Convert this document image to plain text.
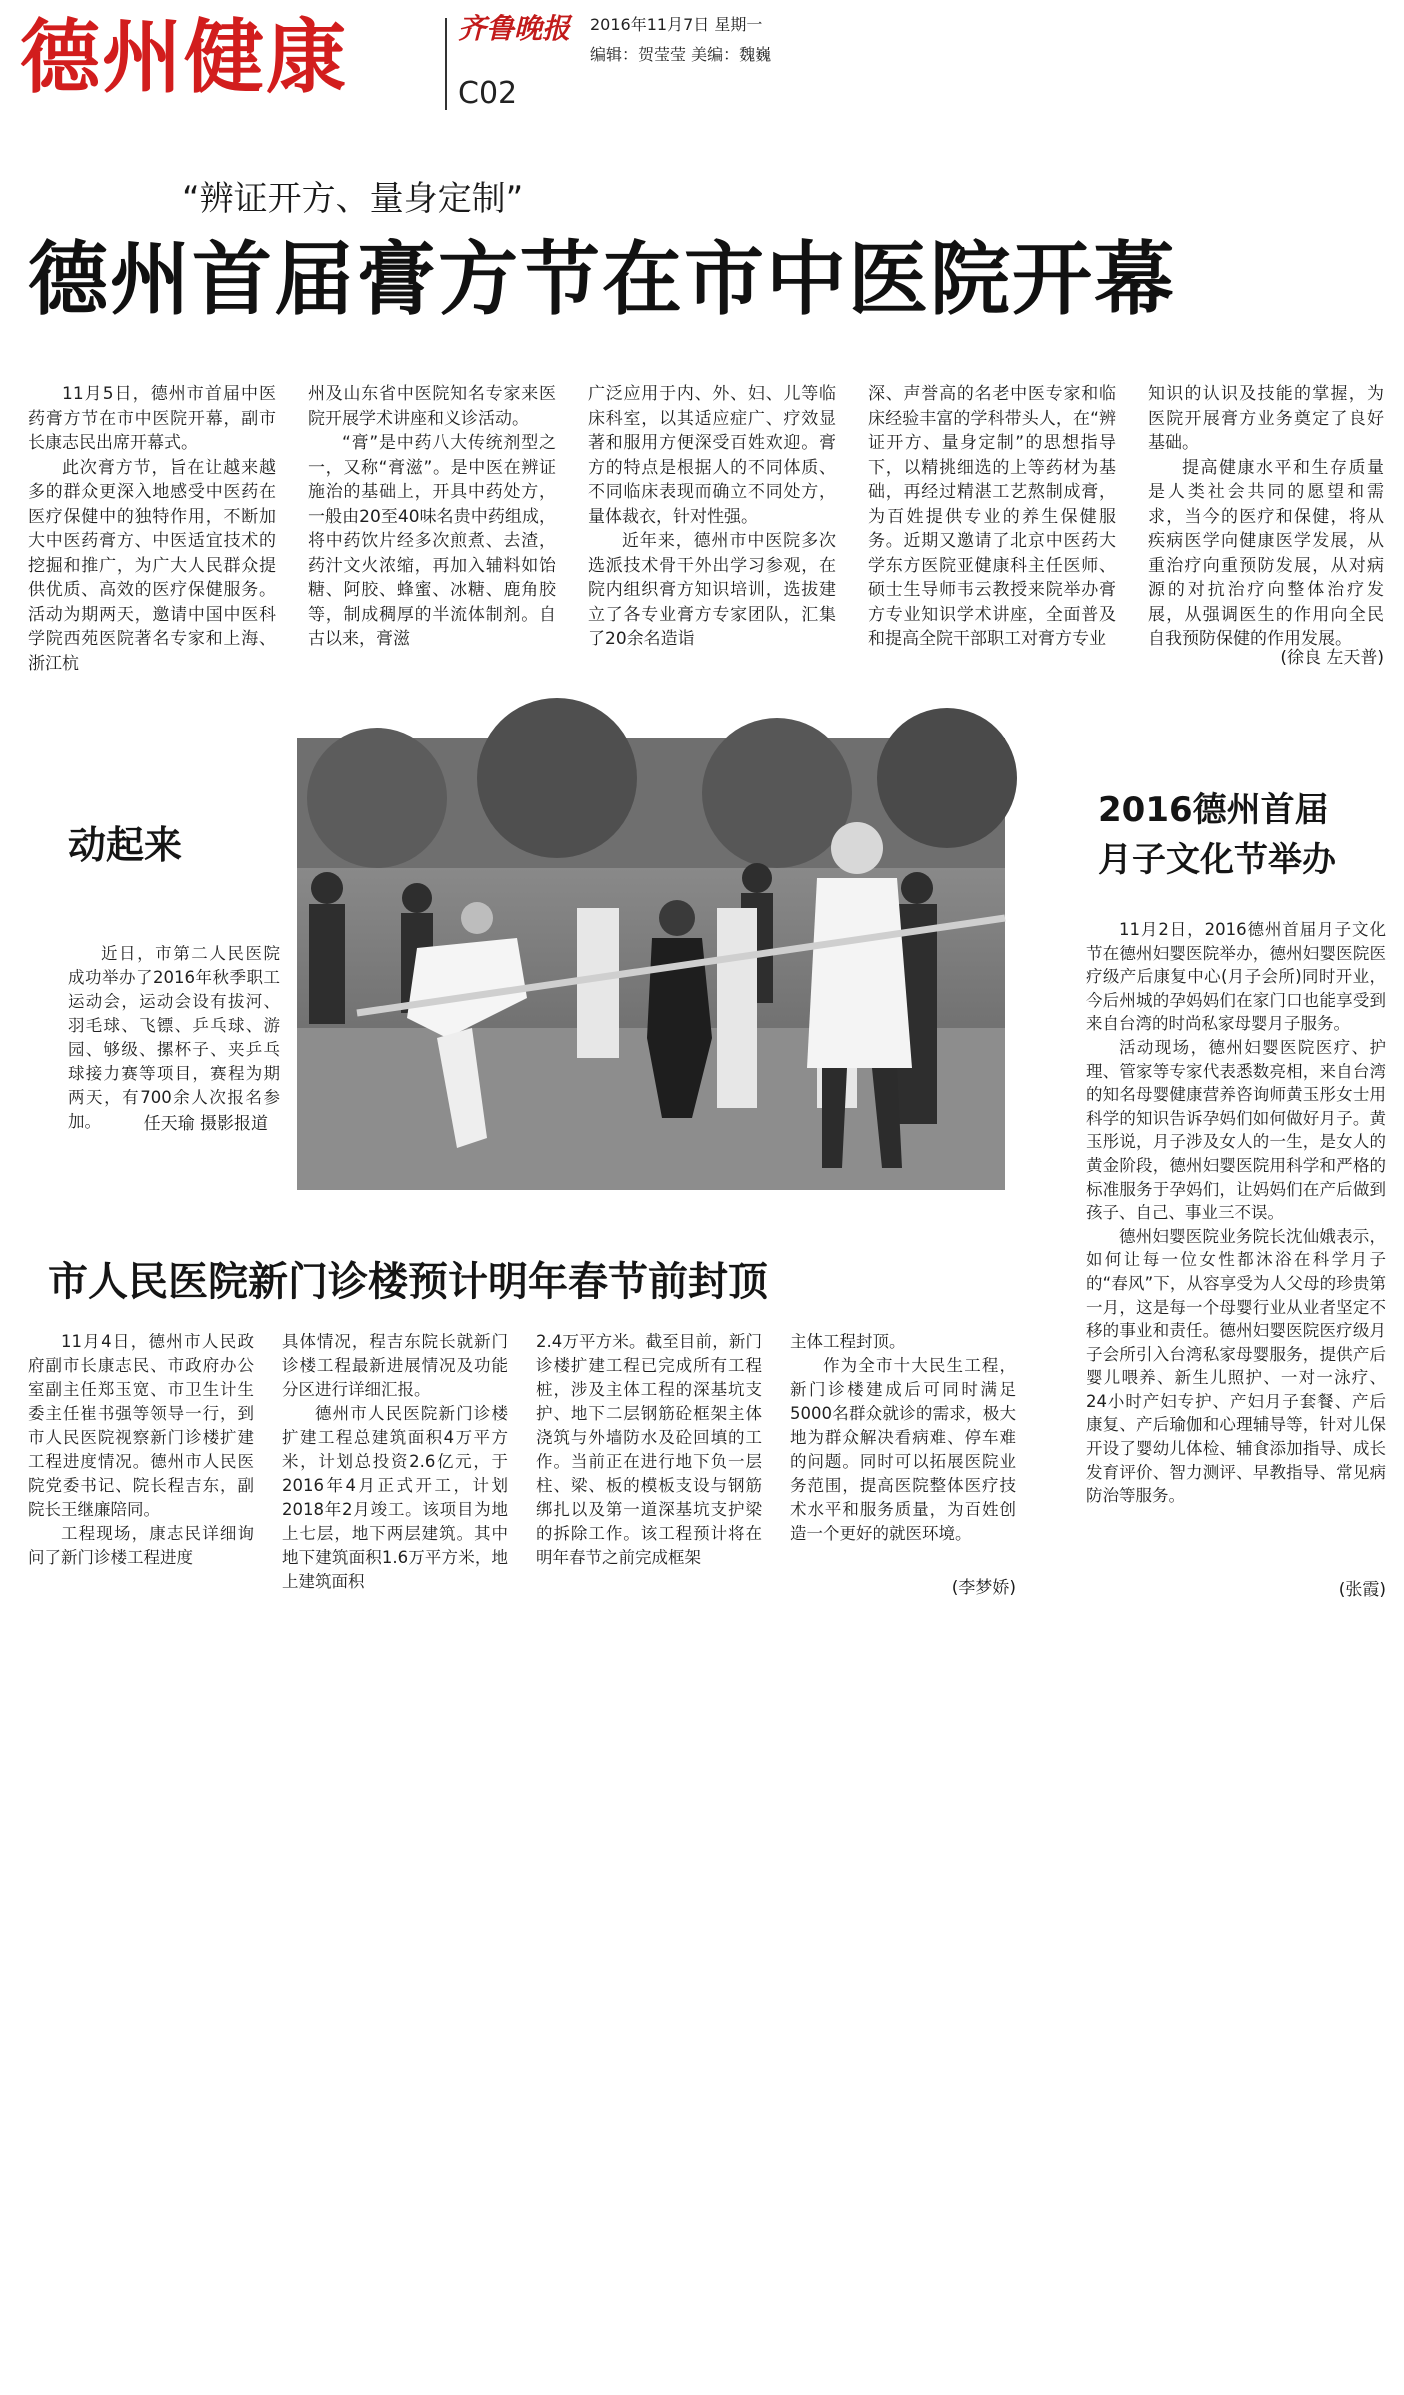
德州健康	齐鲁晚报
C02
2016年11月7日 星期一
编辑：贺莹莹 美编：魏巍
“辨证开方、量身定制”
德州首届膏方节在市中医院开幕

11月5日，德州市首届中医药膏方节在市中医院开幕，副市长康志民出席开幕式。

此次膏方节，旨在让越来越多的群众更深入地感受中医药在医疗保健中的独特作用，不断加大中医药膏方、中医适宜技术的挖掘和推广，为广大人民群众提供优质、高效的医疗保健服务。活动为期两天，邀请中国中医科学院西苑医院著名专家和上海、浙江杭

州及山东省中医院知名专家来医院开展学术讲座和义诊活动。

“膏”是中药八大传统剂型之一，又称“膏滋”。是中医在辨证施治的基础上，开具中药处方，一般由20至40味名贵中药组成，将中药饮片经多次煎煮、去渣，药汁文火浓缩，再加入辅料如饴糖、阿胶、蜂蜜、冰糖、鹿角胶等，制成稠厚的半流体制剂。自古以来，膏滋

广泛应用于内、外、妇、儿等临床科室，以其适应症广、疗效显著和服用方便深受百姓欢迎。膏方的特点是根据人的不同体质、不同临床表现而确立不同处方，量体裁衣，针对性强。

近年来，德州市中医院多次选派技术骨干外出学习参观，在院内组织膏方知识培训，选拔建立了各专业膏方专家团队，汇集了20余名造诣

深、声誉高的名老中医专家和临床经验丰富的学科带头人，在“辨证开方、量身定制”的思想指导下，以精挑细选的上等药材为基础，再经过精湛工艺熬制成膏，为百姓提供专业的养生保健服务。近期又邀请了北京中医药大学东方医院亚健康科主任医师、硕士生导师韦云教授来院举办膏方专业知识学术讲座，全面普及和提高全院干部职工对膏方专业

知识的认识及技能的掌握，为医院开展膏方业务奠定了良好基础。

提高健康水平和生存质量是人类社会共同的愿望和需求，当今的医疗和保健，将从疾病医学向健康医学发展，从重治疗向重预防发展，从对病源的对抗治疗向整体治疗发展，从强调医生的作用向全民自我预防保健的作用发展。

(徐良 左天普)
动起来

近日，市第二人民医院成功举办了2016年秋季职工运动会，运动会设有拔河、羽毛球、飞镖、乒乓球、游园、够级、摞杯子、夹乒乓球接力赛等项目，赛程为期两天，有700余人次报名参加。	任天瑜 摄影报道
2016德州首届
月子文化节举办

11月2日，2016德州首届月子文化节在德州妇婴医院举办，德州妇婴医院医疗级产后康复中心(月子会所)同时开业，今后州城的孕妈妈们在家门口也能享受到来自台湾的时尚私家母婴月子服务。

活动现场，德州妇婴医院医疗、护理、管家等专家代表悉数亮相，来自台湾的知名母婴健康营养咨询师黄玉彤女士用科学的知识告诉孕妈们如何做好月子。黄玉彤说，月子涉及女人的一生，是女人的黄金阶段，德州妇婴医院用科学和严格的标准服务于孕妈们，让妈妈们在产后做到孩子、自己、事业三不误。

德州妇婴医院业务院长沈仙娥表示，如何让每一位女性都沐浴在科学月子的“春风”下，从容享受为人父母的珍贵第一月，这是每一个母婴行业从业者坚定不移的事业和责任。德州妇婴医院医疗级月子会所引入台湾私家母婴服务，提供产后婴儿喂养、新生儿照护、一对一泳疗、24小时产妇专护、产妇月子套餐、产后康复、产后瑜伽和心理辅导等，针对儿保开设了婴幼儿体检、辅食添加指导、成长发育评价、智力测评、早教指导、常见病防治等服务。

(张霞)
市人民医院新门诊楼预计明年春节前封顶

11月4日，德州市人民政府副市长康志民、市政府办公室副主任郑玉宽、市卫生计生委主任崔书强等领导一行，到市人民医院视察新门诊楼扩建工程进度情况。德州市人民医院党委书记、院长程吉东，副院长王继廉陪同。

工程现场，康志民详细询问了新门诊楼工程进度

具体情况，程吉东院长就新门诊楼工程最新进展情况及功能分区进行详细汇报。

德州市人民医院新门诊楼扩建工程总建筑面积4万平方米，计划总投资2.6亿元，于2016年4月正式开工，计划2018年2月竣工。该项目为地上七层，地下两层建筑。其中地下建筑面积1.6万平方米，地上建筑面积

2.4万平方米。截至目前，新门诊楼扩建工程已完成所有工程桩，涉及主体工程的深基坑支护、地下二层钢筋砼框架主体浇筑与外墙防水及砼回填的工作。当前正在进行地下负一层柱、梁、板的模板支设与钢筋绑扎以及第一道深基坑支护梁的拆除工作。该工程预计将在明年春节之前完成框架

主体工程封顶。

作为全市十大民生工程，新门诊楼建成后可同时满足5000名群众就诊的需求，极大地为群众解决看病难、停车难的问题。同时可以拓展医院业务范围，提高医院整体医疗技术水平和服务质量，为百姓创造一个更好的就医环境。

(李梦娇)
